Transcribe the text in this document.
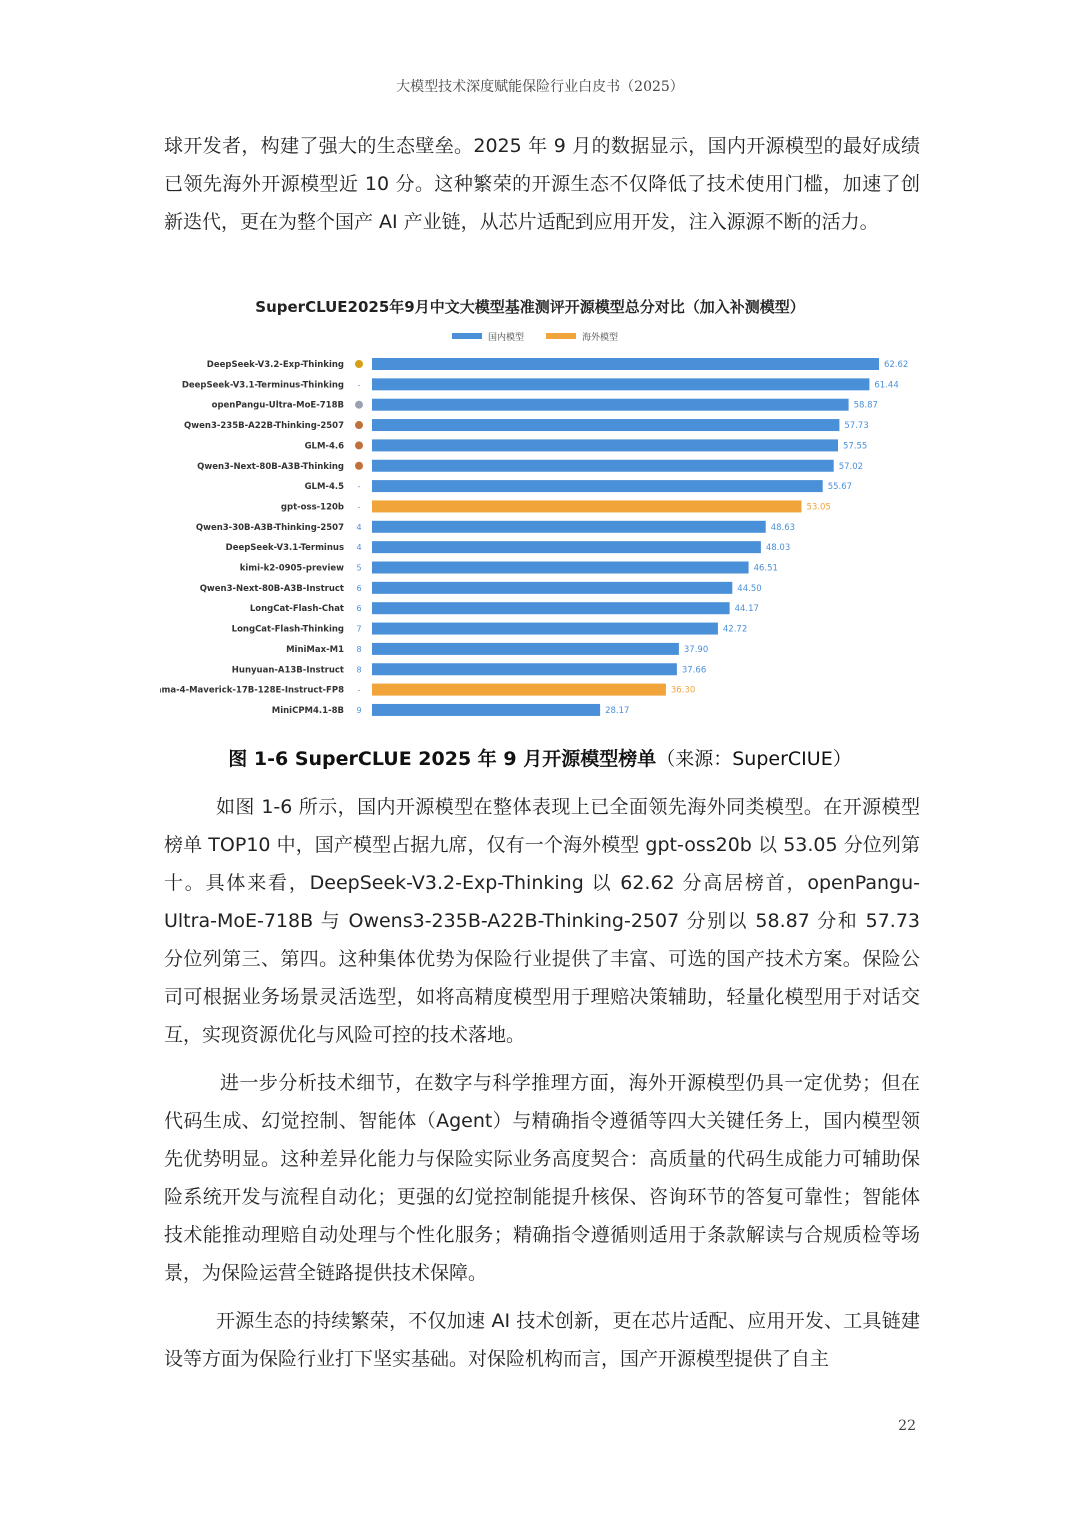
大模型技术深度赋能保险行业白皮书（2025）

球开发者，构建了强大的生态壁垒。2025 年 9 月的数据显示，国内开源模型的最好成绩已领先海外开源模型近 10 分。这种繁荣的开源生态不仅降低了技术使用门槛，加速了创新迭代，更在为整个国产 AI 产业链，从芯片适配到应用开发，注入源源不断的活力。

SuperCLUE2025年9月中文大模型基准测评开源模型总分对比（加入补测模型）
国内模型	海外模型
DeepSeek-V3.2-Exp-Thinking	62.62
DeepSeek-V3.1-Terminus-Thinking -	61.44
openPangu-Ultra-MoE-718B	58.87
Qwen3-235B-A22B-Thinking-2507	57.73
GLM-4.6	57.55
Qwen3-Next-80B-A3B-Thinking	57.02
GLM-4.5 -	55.67
gpt-oss-120b -	53.05
Qwen3-30B-A3B-Thinking-2507 4	48.63
DeepSeek-V3.1-Terminus 4	48.03
kimi-k2-0905-preview 5	46.51
Qwen3-Next-80B-A3B-Instruct 6	44.50
LongCat-Flash-Chat 6	44.17
LongCat-Flash-Thinking 7	42.72
MiniMax-M1 8	37.90
Hunyuan-A13B-Instruct 8	37.66
Llama-4-Maverick-17B-128E-Instruct-FP8 -	36.30
MiniCPM4.1-8B 9	28.17
图 1-6 SuperCLUE 2025 年 9 月开源模型榜单（来源：SuperCIUE）

如图 1-6 所示，国内开源模型在整体表现上已全面领先海外同类模型。在开源模型榜单 TOP10 中，国产模型占据九席，仅有一个海外模型 gpt-oss20b 以 53.05 分位列第十。具体来看，DeepSeek-V3.2-Exp-Thinking 以 62.62 分高居榜首，openPangu-Ultra-MoE-718B 与 Owens3-235B-A22B-Thinking-2507 分别以 58.87 分和 57.73 分位列第三、第四。这种集体优势为保险行业提供了丰富、可选的国产技术方案。保险公司可根据业务场景灵活选型，如将高精度模型用于理赔决策辅助，轻量化模型用于对话交互，实现资源优化与风险可控的技术落地。

进一步分析技术细节，在数字与科学推理方面，海外开源模型仍具一定优势；但在代码生成、幻觉控制、智能体（Agent）与精确指令遵循等四大关键任务上，国内模型领先优势明显。这种差异化能力与保险实际业务高度契合：高质量的代码生成能力可辅助保险系统开发与流程自动化；更强的幻觉控制能提升核保、咨询环节的答复可靠性；智能体技术能推动理赔自动处理与个性化服务；精确指令遵循则适用于条款解读与合规质检等场景，为保险运营全链路提供技术保障。

开源生态的持续繁荣，不仅加速 AI 技术创新，更在芯片适配、应用开发、工具链建设等方面为保险行业打下坚实基础。对保险机构而言，国产开源模型提供了自主

22
